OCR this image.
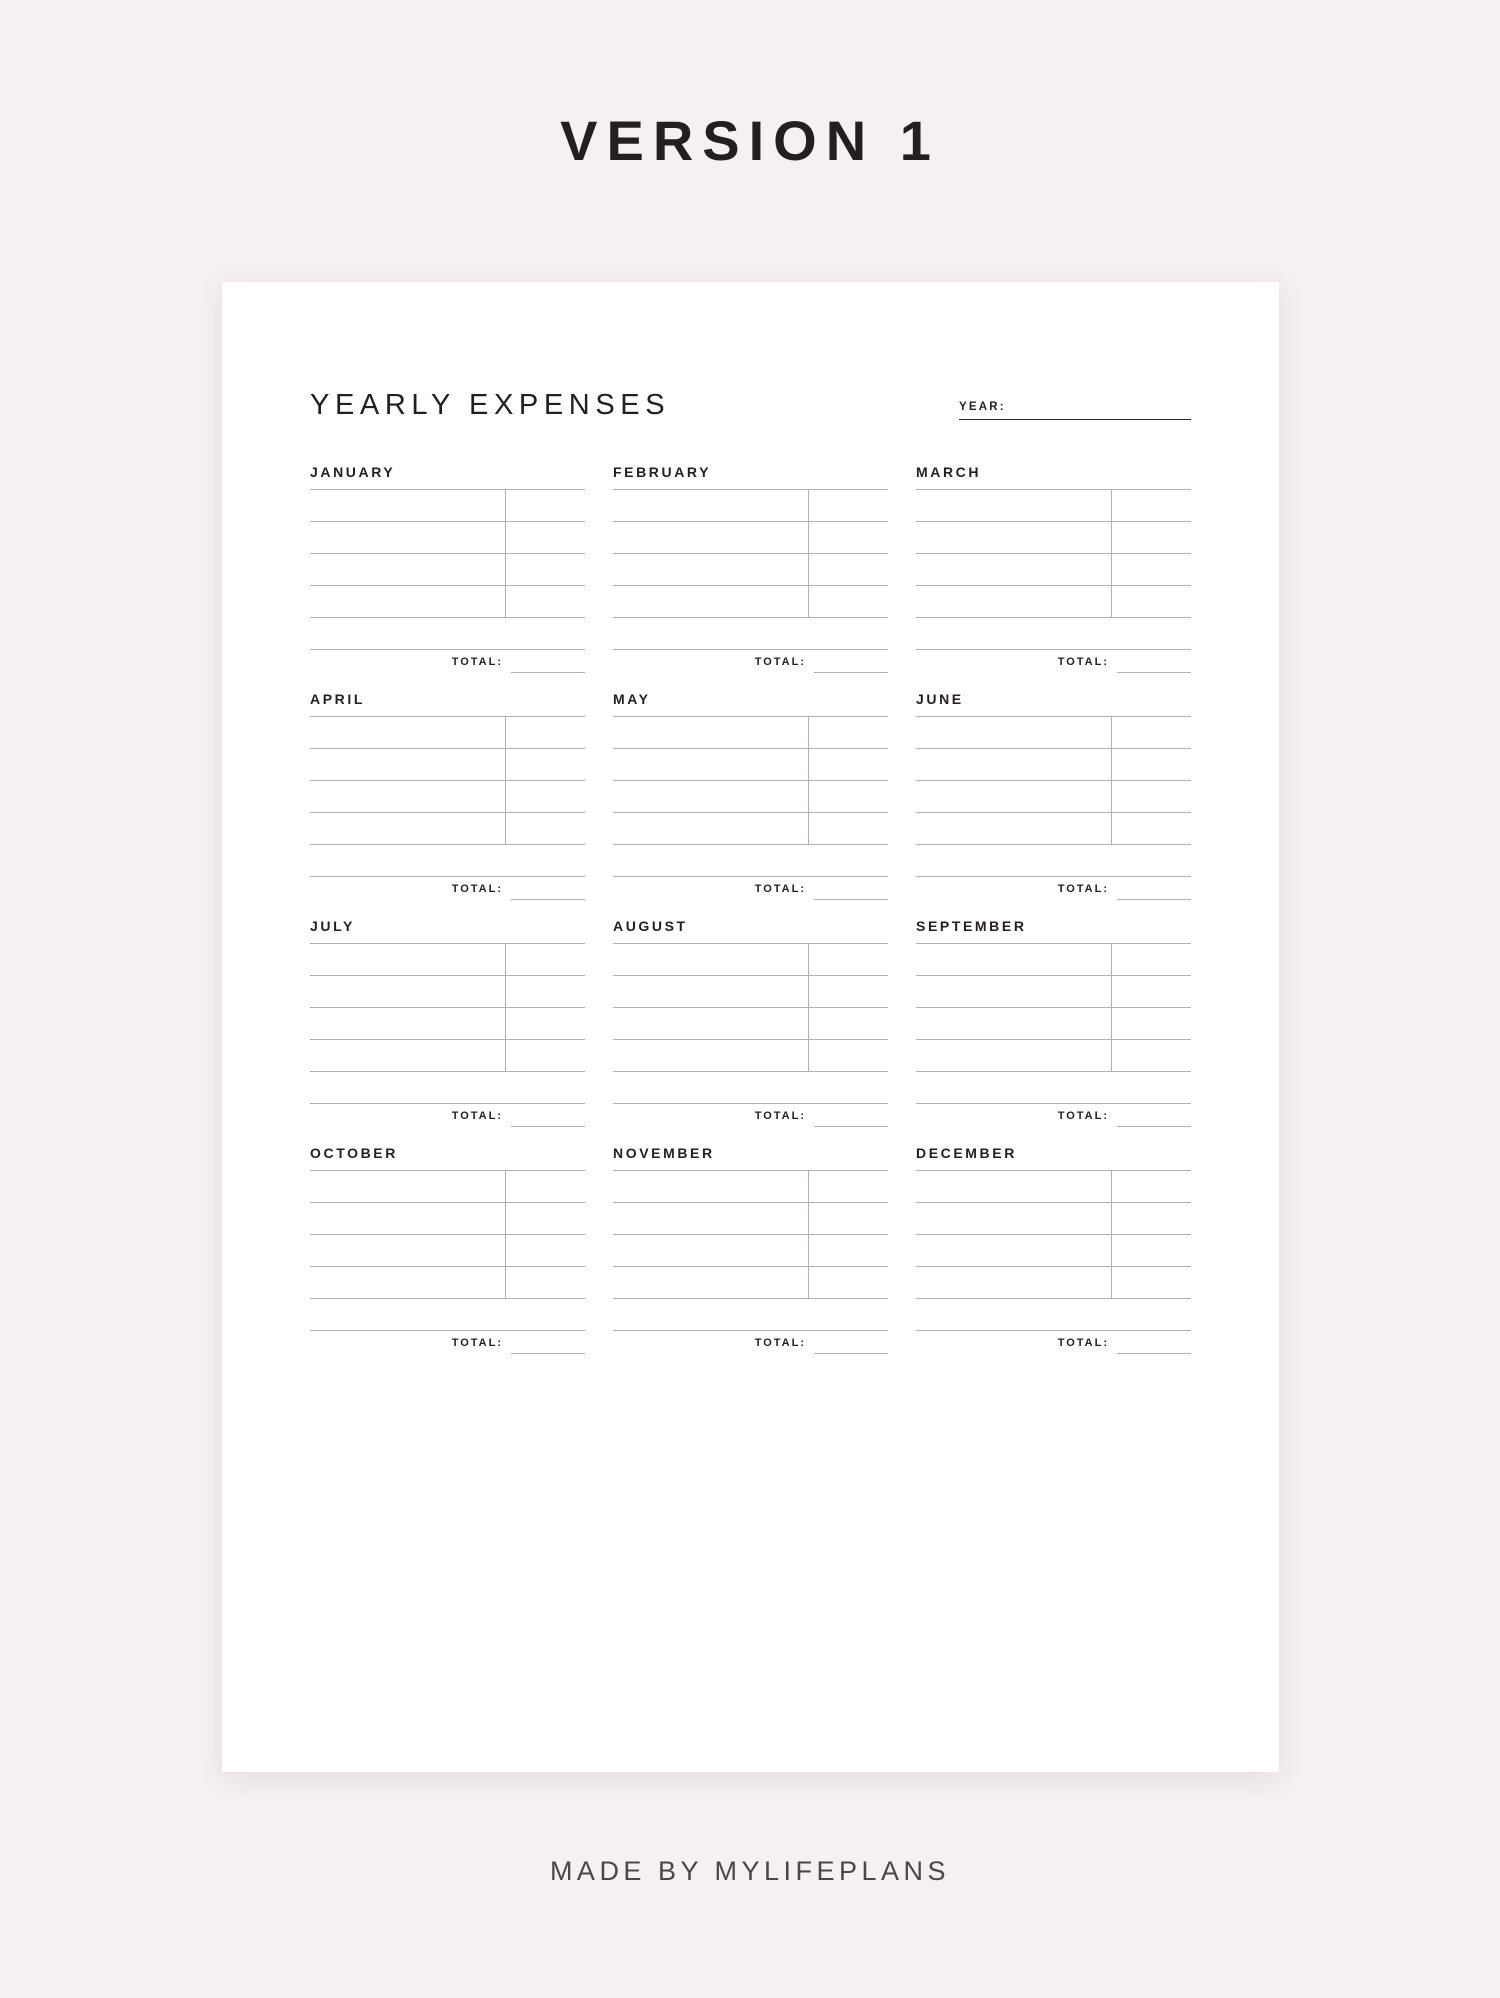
VERSION 1
YEARLY EXPENSES	YEAR:
JANUARY

TOTAL:
FEBRUARY

TOTAL:
MARCH

TOTAL:
APRIL

TOTAL:
MAY

TOTAL:
JUNE

TOTAL:
JULY

TOTAL:
AUGUST

TOTAL:
SEPTEMBER

TOTAL:
OCTOBER

TOTAL:
NOVEMBER

TOTAL:
DECEMBER

TOTAL:
MADE BY MYLIFEPLANS
